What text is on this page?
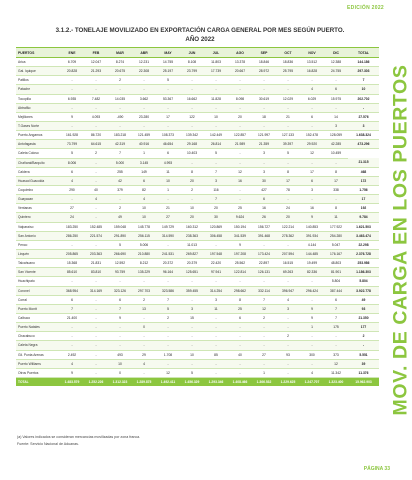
EDICIÓN 2022
3.1.2.- TONELAJE MOVILIZADO EN EXPORTACIÓN CARGA GENERAL POR MES SEGÚN PUERTO.
AÑO 2022
PUERTOS	ENE	FEB	MAR	ABR	MAY	JUN	JUL	AGO	SEP	OCT	NOV	DIC	TOTAL
Arica	6.709	12.047	8.274	12.231	14.755	8.108	11.803	13.378	18.846	18.836	13.512	12.388	144.186
Gal. Iquique	20.828	21.293	20.675	22.308	25.197	23.799	17.739	20.667	28.972	25.795	16.828	24.755	297.303
Patillos	-	-	2	-	5	-	-	-	-	-	-	-	7
Patache	-	-	-	-	-	-	-	-	-	-	4	6	10
Tocopilla	6.935	7.482	14.035	3.662	53.367	16.662	11.828	8.098	30.619	12.029	6.029	15.975	202.702
Abtrafão	-	-	-	-	-	-	-	-	-	-	-	-	-
Mejillones	9	4.093	-490	23.280	17	122	10	20	18	21	6	14	27.576
T.Gases Norte	-	-	-	-	-	-	-	-	-	-	-	3	3
Puerto Angamos	161.928	86.720	183.218	121.459	108.373	139.342	142.449	122.857	121.997	127.133	152.478	128.059	1.638.324
Antofagasta	73.799	64.615	42.319	40.916	46.654	29.168	26.814	21.989	21.359	39.397	29.920	42.285	473.296
Caleta Coloso	5	2	7	1	6	10.403	5	-	3	5	12	10.459	
Chañaral/Barquito	8.006	-	5.000	3.145	4.993	-	-	-	-	-	-	-	21.315
Caldera	6	-	255	149	11	8	7	12	3	8	17	8	468
Huasco/Guacolda	4	-	42	6	10	20	3	16	30	17	6	17	172
Coquimbo	290	40	379	82	1	2	116	-	427	78	3	338	1.756
Guayacan	-	4	-	4	-	-	7	-	6	-	-	-	17
Ventanas	27	-	2	10	21	10	20	25	16	24	16	8	192
Quintero	24	-	49	10	27	20	30	9.624	26	20	9	11	9.784
Valparaíso	183.250	152.485	159.048	145.778	149.729	160.312	120.869	150.194	156.727	122.214	140.853	177.922	1.621.503
San Antonio	286.250	221.574	291.890	256.115	314.590	238.363	306.458	341.539	391.468	278.362	391.934	254.280	3.463.474
Penco	-	-	5	5.006	-	11.013	-	9	-	-	4.144	5.047	22.298
Lirquén	205.865	203.363	266.690	210.880	241.531	269.827	197.548	197.208	173.424	207.594	144.485	176.167	2.376.728
Talcahuano	15.368	21.831	12.592	8.212	20.372	20.379	22.420	25.562	22.897	16.515	19.499	48.803	253.986
San Vicente	85.610	83.810	93.759	135.229	96.164	125.651	97.941	122.814	126.131	69.263	82.336	81.901	1.186.303
Huachipato	-	-	-	-	-	-	-	-	-	-	-	5.804	5.804
Coronel	368.954	314.169	323.126	297.703	323.586	359.455	314.254	298.662	332.114	396.947	296.424	387.444	3.922.778
Corral	6	-	6	2	7	-	3	8	7	4	-	6	49
Puerto Montt	7	-	7	13	5	3	11	25	12	3	9	7	93
Calbuco	21.400	-	9	-	2	15	-	6	2	-	9	7	21.350
Puerto Natales	-	-	-	0	-	-	-	-	-	-	1	175	177
Chacabuco	-	-	-	-	-	-	-	-	-	2	-	-	2
Caleta Negra	-	-	-	-	-	-	-	-	-	-	-	-	-
Gli. Punta Arenas	2.492	-	493	29	1.708	10	85	40	27	93	300	373	5.551
Puerto Williams	4	-	10	4	-	-	-	-	-	-	-	12	39
Otros Puertos	9	-	0	-	12	5	-	-	1	-	4	11.342	11.376
TOTAL	1.483.579	1.252.226	1.312.323	1.289.875	1.492.411	1.456.329	1.293.346	1.408.466	1.366.532	1.229.625	1.247.707	1.323.400	15.962.903
(a) Valores indicados se consideran mercancías movilizadas por zona franca.
Fuente: Servicio Nacional de Aduanas.
MOV. DE CARGA EN LOS PUERTOS
PÁGINA 33
